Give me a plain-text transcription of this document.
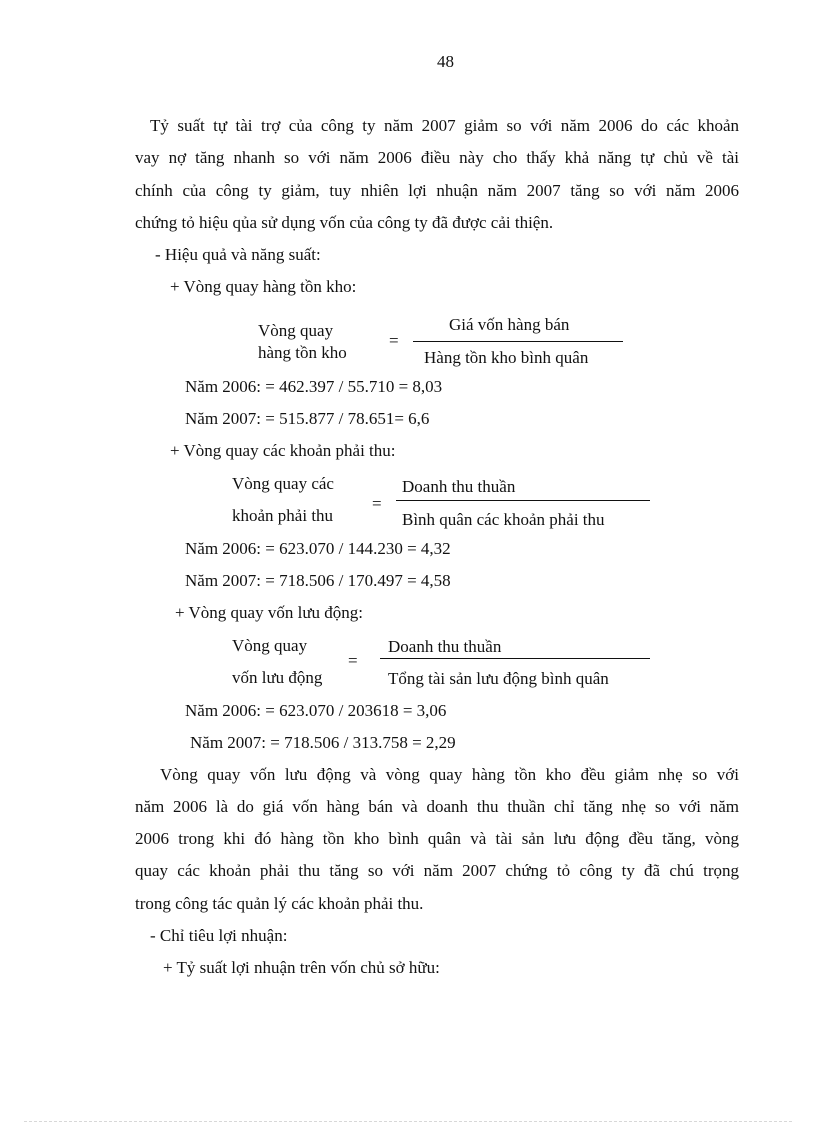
48
Tỷ suất tự tài trợ của công ty năm 2007 giảm so với năm 2006 do các khoản
vay nợ tăng nhanh so với năm 2006 điều này cho thấy khả năng tự chủ về tài
chính của công ty giảm, tuy nhiên lợi nhuận năm 2007 tăng so với năm 2006
chứng tỏ hiệu qủa sử dụng vốn của công ty đã được cải thiện.
- Hiệu quả và năng suất:
+ Vòng quay hàng tồn kho:
Vòng quay
hàng tồn kho
=
Giá vốn hàng bán
Hàng tồn kho bình quân
Năm 2006: = 462.397 / 55.710 = 8,03
Năm 2007: = 515.877 / 78.651= 6,6
+ Vòng quay các khoản phải thu:
Vòng quay các
khoản phải thu
=
Doanh thu thuần
Bình quân các khoản phải thu
Năm 2006: = 623.070 / 144.230 = 4,32
Năm 2007: = 718.506 / 170.497 = 4,58
+ Vòng quay vốn lưu động:
Vòng quay
vốn lưu động
=
Doanh thu thuần
Tổng tài sản lưu động bình quân
Năm 2006: = 623.070 / 203618 = 3,06
Năm 2007: = 718.506 / 313.758 = 2,29
Vòng quay vốn lưu động và vòng quay hàng tồn kho đều giảm nhẹ so với
năm 2006 là do giá vốn hàng bán và doanh thu thuần chỉ tăng nhẹ so với năm
2006 trong khi đó hàng tồn kho bình quân và tài sản lưu động đều tăng, vòng
quay các khoản phải thu tăng so với năm 2007 chứng tỏ công ty đã chú trọng
trong công tác quản lý các khoản phải thu.
- Chỉ tiêu lợi nhuận:
+ Tỷ suất lợi nhuận trên vốn chủ sở hữu:
